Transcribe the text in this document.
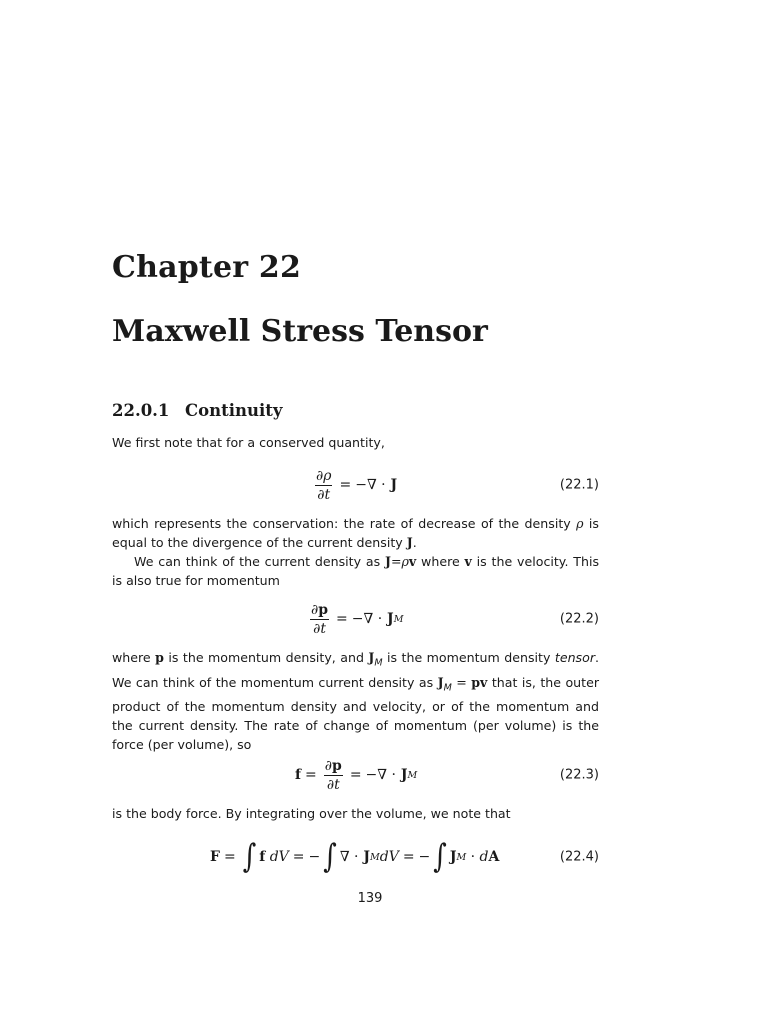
Chapter 22
Maxwell Stress Tensor
22.0.1 Continuity

We first note that for a conserved quantity,

$\frac{\partial\rho}{\partial t}$ = −∇ · J	(22.1)

which represents the conservation: the rate of decrease of the density ρ is equal to the divergence of the current density J.

We can think of the current density as J=ρv where v is the velocity. This is also true for momentum

$\frac{\partial p}{\partial t}$ = −∇ · J M	(22.2)

where p is the momentum density, and $J_M$ is the momentum density tensor. We can think of the momentum current density as $J_M$ = pv that is, the outer product of the momentum density and velocity, or of the momentum and the current density. The rate of change of momentum (per volume) is the force (per volume), so

$f = \frac{\partial p}{\partial t}$ = −∇ · J M	(22.3)

is the body force. By integrating over the volume, we note that

F = ∫ f dV = − ∫ ∇ · J M dV = − ∫ J M · d A	(22.4)
139
